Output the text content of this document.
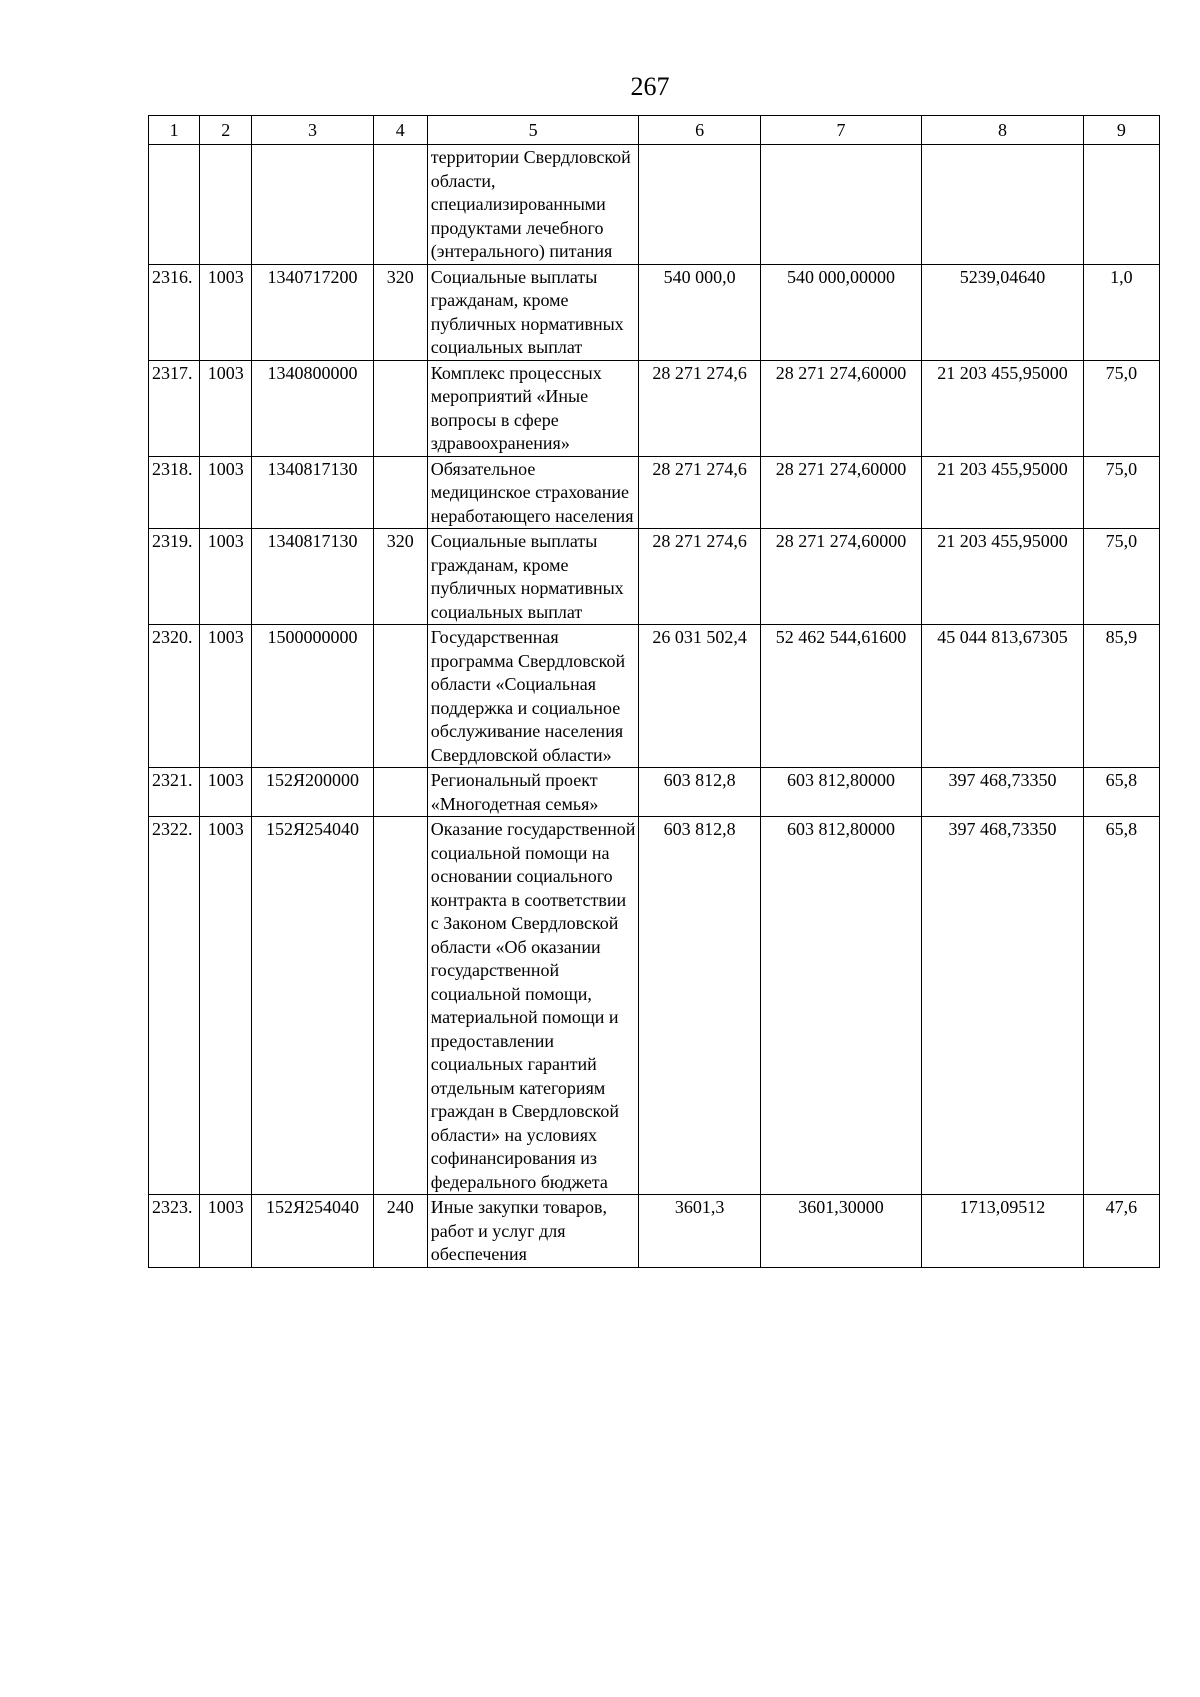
267
1	2	3	4	5	6	7	8	9
				территории Свердловской области, специализированными продуктами лечебного (энтерального) питания				
2316.	1003	1340717200	320	Социальные выплаты гражданам, кроме публичных нормативных социальных выплат	540 000,0	540 000,00000	5239,04640	1,0
2317.	1003	1340800000		Комплекс процессных мероприятий «Иные вопросы в сфере здравоохранения»	28 271 274,6	28 271 274,60000	21 203 455,95000	75,0
2318.	1003	1340817130		Обязательное медицинское страхование неработающего населения	28 271 274,6	28 271 274,60000	21 203 455,95000	75,0
2319.	1003	1340817130	320	Социальные выплаты гражданам, кроме публичных нормативных социальных выплат	28 271 274,6	28 271 274,60000	21 203 455,95000	75,0
2320.	1003	1500000000		Государственная программа Свердловской области «Социальная поддержка и социальное обслуживание населения Свердловской области»	26 031 502,4	52 462 544,61600	45 044 813,67305	85,9
2321.	1003	152Я200000		Региональный проект «Многодетная семья»	603 812,8	603 812,80000	397 468,73350	65,8
2322.	1003	152Я254040		Оказание государственной социальной помощи на основании социального контракта в соответствии с Законом Свердловской области «Об оказании государственной социальной помощи, материальной помощи и предоставлении социальных гарантий отдельным категориям граждан в Свердловской области» на условиях софинансирования из федерального бюджета	603 812,8	603 812,80000	397 468,73350	65,8
2323.	1003	152Я254040	240	Иные закупки товаров, работ и услуг для обеспечения	3601,3	3601,30000	1713,09512	47,6
